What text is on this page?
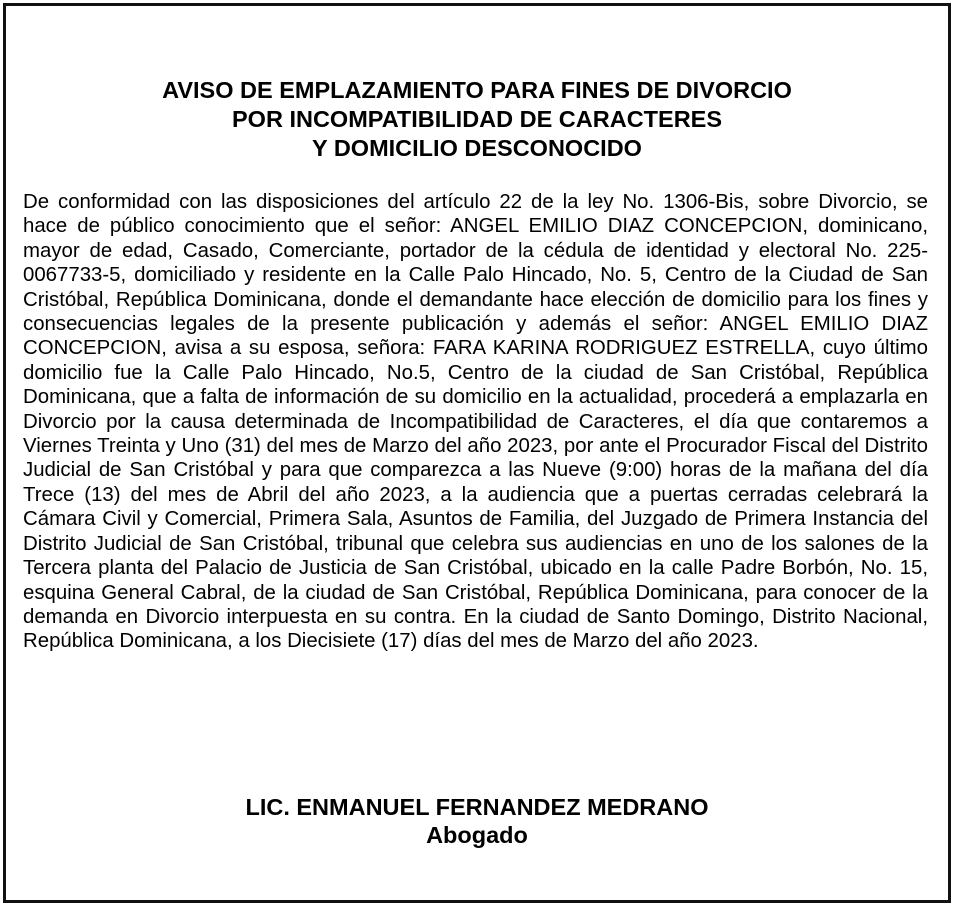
AVISO DE EMPLAZAMIENTO PARA FINES DE DIVORCIO
POR INCOMPATIBILIDAD DE CARACTERES
Y DOMICILIO DESCONOCIDO

De conformidad con las disposiciones del artículo 22 de la ley No. 1306-Bis, sobre Divorcio, se hace de público conocimiento que el señor: ANGEL EMILIO DIAZ CONCEPCION, dominicano, mayor de edad, Casado, Comerciante, portador de la cédula de identidad y electoral No. 225-0067733-5, domiciliado y residente en la Calle Palo Hincado, No. 5, Centro de la Ciudad de San Cristóbal, República Dominicana, donde el demandante hace elección de domicilio para los fines y consecuencias legales de la presente publicación y además el señor: ANGEL EMILIO DIAZ CONCEPCION, avisa a su esposa, señora: FARA KARINA RODRIGUEZ ESTRELLA, cuyo último domicilio fue la Calle Palo Hincado, No.5, Centro de la ciudad de San Cristóbal, República Dominicana, que a falta de información de su domicilio en la actualidad, procederá a emplazarla en Divorcio por la causa determinada de Incompatibilidad de Caracteres, el día que contaremos a Viernes Treinta y Uno (31) del mes de Marzo del año 2023, por ante el Procurador Fiscal del Distrito Judicial de San Cristóbal y para que comparezca a las Nueve (9:00) horas de la mañana del día Trece (13) del mes de Abril del año 2023, a la audiencia que a puertas cerradas celebrará la Cámara Civil y Comercial, Primera Sala, Asuntos de Familia, del Juzgado de Primera Instancia del Distrito Judicial de San Cristóbal, tribunal que celebra sus audiencias en uno de los salones de la Tercera planta del Palacio de Justicia de San Cristóbal, ubicado en la calle Padre Borbón, No. 15, esquina General Cabral, de la ciudad de San Cristóbal, República Dominicana, para conocer de la demanda en Divorcio interpuesta en su contra. En la ciudad de Santo Domingo, Distrito Nacional, República Dominicana, a los Diecisiete (17) días del mes de Marzo del año 2023.

LIC. ENMANUEL FERNANDEZ MEDRANO
Abogado
